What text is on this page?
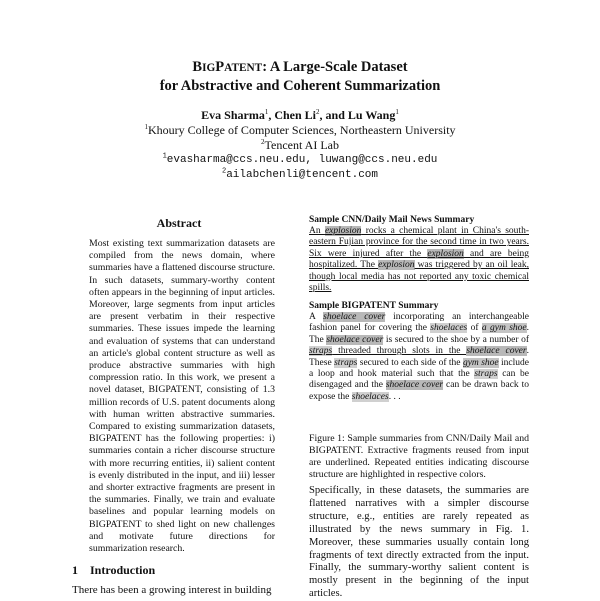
BIGPATENT: A Large-Scale Dataset
for Abstractive and Coherent Summarization
Eva Sharma$^1$, Chen Li$^2$, and Lu Wang$^1$
$^1$Khoury College of Computer Sciences, Northeastern University
$^2$Tencent AI Lab
$^1$evasharma@ccs.neu.edu, luwang@ccs.neu.edu
$^2$ailabchenli@tencent.com
Abstract
Most existing text summarization datasets are compiled from the news domain, where summaries have a flattened discourse structure. In such datasets, summary-worthy content often appears in the beginning of input articles. Moreover, large segments from input articles are present verbatim in their respective summaries. These issues impede the learning and evaluation of systems that can understand an article's global content structure as well as produce abstractive summaries with high compression ratio. In this work, we present a novel dataset, BIGPATENT, consisting of 1.3 million records of U.S. patent documents along with human written abstractive summaries. Compared to existing summarization datasets, BIGPATENT has the following properties: i) summaries contain a richer discourse structure with more recurring entities, ii) salient content is evenly distributed in the input, and iii) lesser and shorter extractive fragments are present in the summaries. Finally, we train and evaluate baselines and popular learning models on BIGPATENT to shed light on new challenges and motivate future directions for summarization research.
1 Introduction
There has been a growing interest in building
Sample CNN/Daily Mail News Summary
An explosion rocks a chemical plant in China's south-eastern Fujian province for the second time in two years. Six were injured after the explosion and are being hospitalized. The explosion was triggered by an oil leak, though local media has not reported any toxic chemical spills.
Sample BIGPATENT Summary
A shoelace cover incorporating an interchangeable fashion panel for covering the shoelaces of a gym shoe. The shoelace cover is secured to the shoe by a number of straps threaded through slots in the shoelace cover. These straps secured to each side of the gym shoe include a loop and hook material such that the straps can be disengaged and the shoelace cover can be drawn back to expose the shoelaces. . .
Figure 1: Sample summaries from CNN/Daily Mail and BIGPATENT. Extractive fragments reused from input are underlined. Repeated entities indicating discourse structure are highlighted in respective colors.
Specifically, in these datasets, the summaries are flattened narratives with a simpler discourse structure, e.g., entities are rarely repeated as illustrated by the news summary in Fig. 1. Moreover, these summaries usually contain long fragments of text directly extracted from the input. Finally, the summary-worthy salient content is mostly present in the beginning of the input articles.
